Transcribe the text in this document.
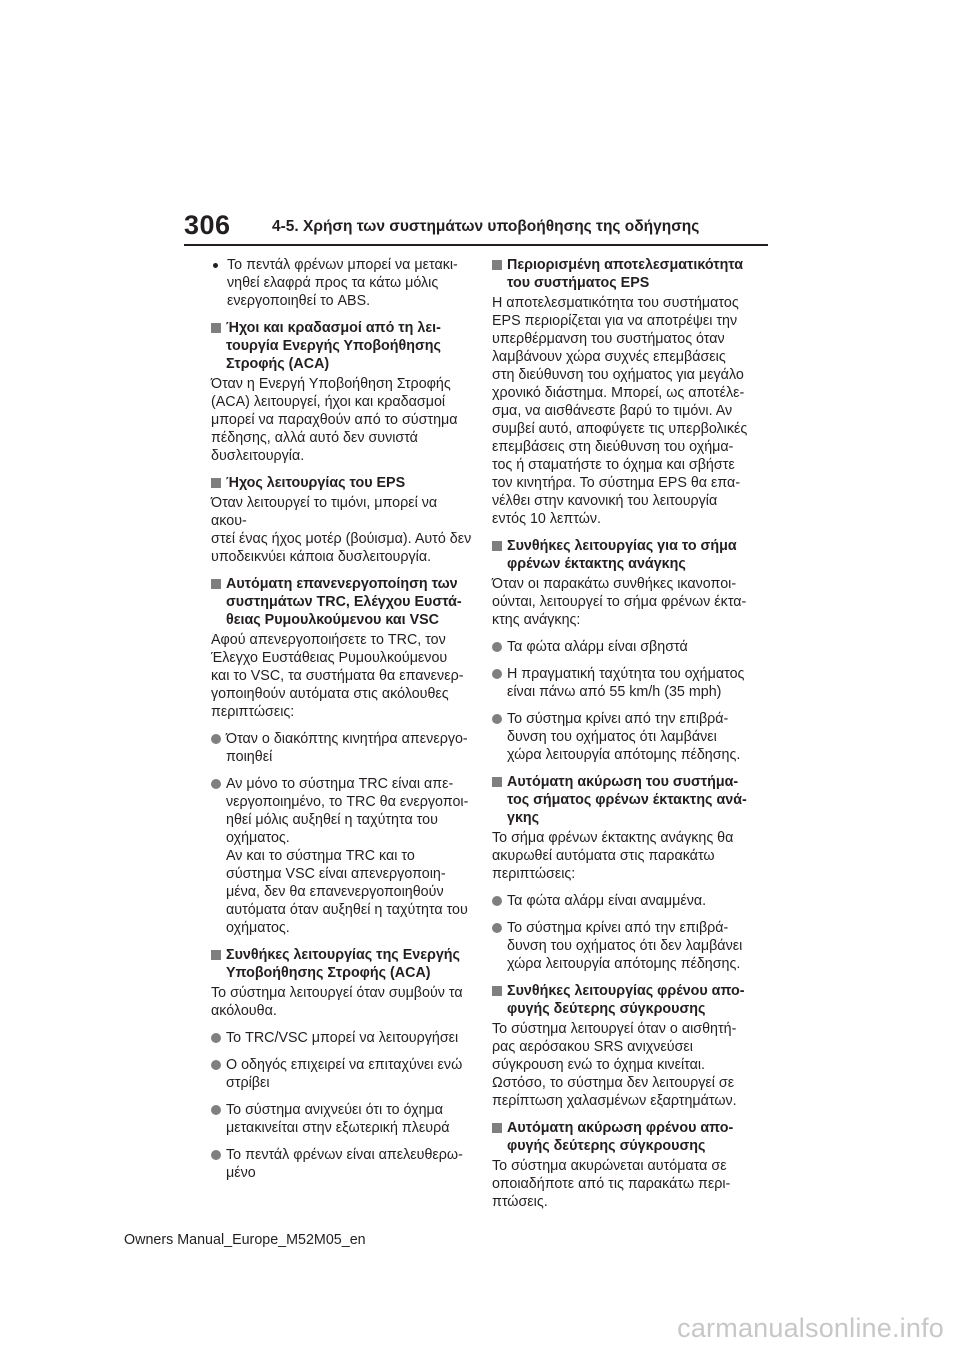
306	4-5. Χρήση των συστημάτων υποβοήθησης της οδήγησης
Το πεντάλ φρένων μπορεί να μετακι-
νηθεί ελαφρά προς τα κάτω μόλις
ενεργοποιηθεί το ABS.
Ήχοι και κραδασμοί από τη λει-
τουργία Ενεργής Υποβοήθησης
Στροφής (ACA)
Όταν η Ενεργή Υποβοήθηση Στροφής
(ACA) λειτουργεί, ήχοι και κραδασμοί
μπορεί να παραχθούν από το σύστημα
πέδησης, αλλά αυτό δεν συνιστά
δυσλειτουργία.
Ήχος λειτουργίας του EPS
Όταν λειτουργεί το τιμόνι, μπορεί να ακου-
στεί ένας ήχος μοτέρ (βούισμα). Αυτό δεν
υποδεικνύει κάποια δυσλειτουργία.
Αυτόματη επανενεργοποίηση των
συστημάτων TRC, Ελέγχου Ευστά-
θειας Ρυμουλκούμενου και VSC
Αφού απενεργοποιήσετε το TRC, τον
Έλεγχο Ευστάθειας Ρυμουλκούμενου
και το VSC, τα συστήματα θα επανενερ-
γοποιηθούν αυτόματα στις ακόλουθες
περιπτώσεις:
Όταν ο διακόπτης κινητήρα απενεργο-
ποιηθεί
Αν μόνο το σύστημα TRC είναι απε-
νεργοποιημένο, το TRC θα ενεργοποι-
ηθεί μόλις αυξηθεί η ταχύτητα του
οχήματος.
Αν και το σύστημα TRC και το
σύστημα VSC είναι απενεργοποιη-
μένα, δεν θα επανενεργοποιηθούν
αυτόματα όταν αυξηθεί η ταχύτητα του
οχήματος.
Συνθήκες λειτουργίας της Ενεργής
Υποβοήθησης Στροφής (ACA)
Το σύστημα λειτουργεί όταν συμβούν τα
ακόλουθα.
Το TRC/VSC μπορεί να λειτουργήσει
Ο οδηγός επιχειρεί να επιταχύνει ενώ
στρίβει
Το σύστημα ανιχνεύει ότι το όχημα
μετακινείται στην εξωτερική πλευρά
Το πεντάλ φρένων είναι απελευθερω-
μένο
Περιορισμένη αποτελεσματικότητα
του συστήματος EPS
Η αποτελεσματικότητα του συστήματος
EPS περιορίζεται για να αποτρέψει την
υπερθέρμανση του συστήματος όταν
λαμβάνουν χώρα συχνές επεμβάσεις
στη διεύθυνση του οχήματος για μεγάλο
χρονικό διάστημα. Μπορεί, ως αποτέλε-
σμα, να αισθάνεστε βαρύ το τιμόνι. Αν
συμβεί αυτό, αποφύγετε τις υπερβολικές
επεμβάσεις στη διεύθυνση του οχήμα-
τος ή σταματήστε το όχημα και σβήστε
τον κινητήρα. Το σύστημα EPS θα επα-
νέλθει στην κανονική του λειτουργία
εντός 10 λεπτών.
Συνθήκες λειτουργίας για το σήμα
φρένων έκτακτης ανάγκης
Όταν οι παρακάτω συνθήκες ικανοποι-
ούνται, λειτουργεί το σήμα φρένων έκτα-
κτης ανάγκης:
Τα φώτα αλάρμ είναι σβηστά
Η πραγματική ταχύτητα του οχήματος
είναι πάνω από 55 km/h (35 mph)
Το σύστημα κρίνει από την επιβρά-
δυνση του οχήματος ότι λαμβάνει
χώρα λειτουργία απότομης πέδησης.
Αυτόματη ακύρωση του συστήμα-
τος σήματος φρένων έκτακτης ανά-
γκης
Το σήμα φρένων έκτακτης ανάγκης θα
ακυρωθεί αυτόματα στις παρακάτω
περιπτώσεις:
Τα φώτα αλάρμ είναι αναμμένα.
Το σύστημα κρίνει από την επιβρά-
δυνση του οχήματος ότι δεν λαμβάνει
χώρα λειτουργία απότομης πέδησης.
Συνθήκες λειτουργίας φρένου απο-
φυγής δεύτερης σύγκρουσης
Το σύστημα λειτουργεί όταν ο αισθητή-
ρας αερόσακου SRS ανιχνεύσει
σύγκρουση ενώ το όχημα κινείται.
Ωστόσο, το σύστημα δεν λειτουργεί σε
περίπτωση χαλασμένων εξαρτημάτων.
Αυτόματη ακύρωση φρένου απο-
φυγής δεύτερης σύγκρουσης
Το σύστημα ακυρώνεται αυτόματα σε
οποιαδήποτε από τις παρακάτω περι-
πτώσεις.
Owners Manual_Europe_M52M05_en
carmanualsonline.info
